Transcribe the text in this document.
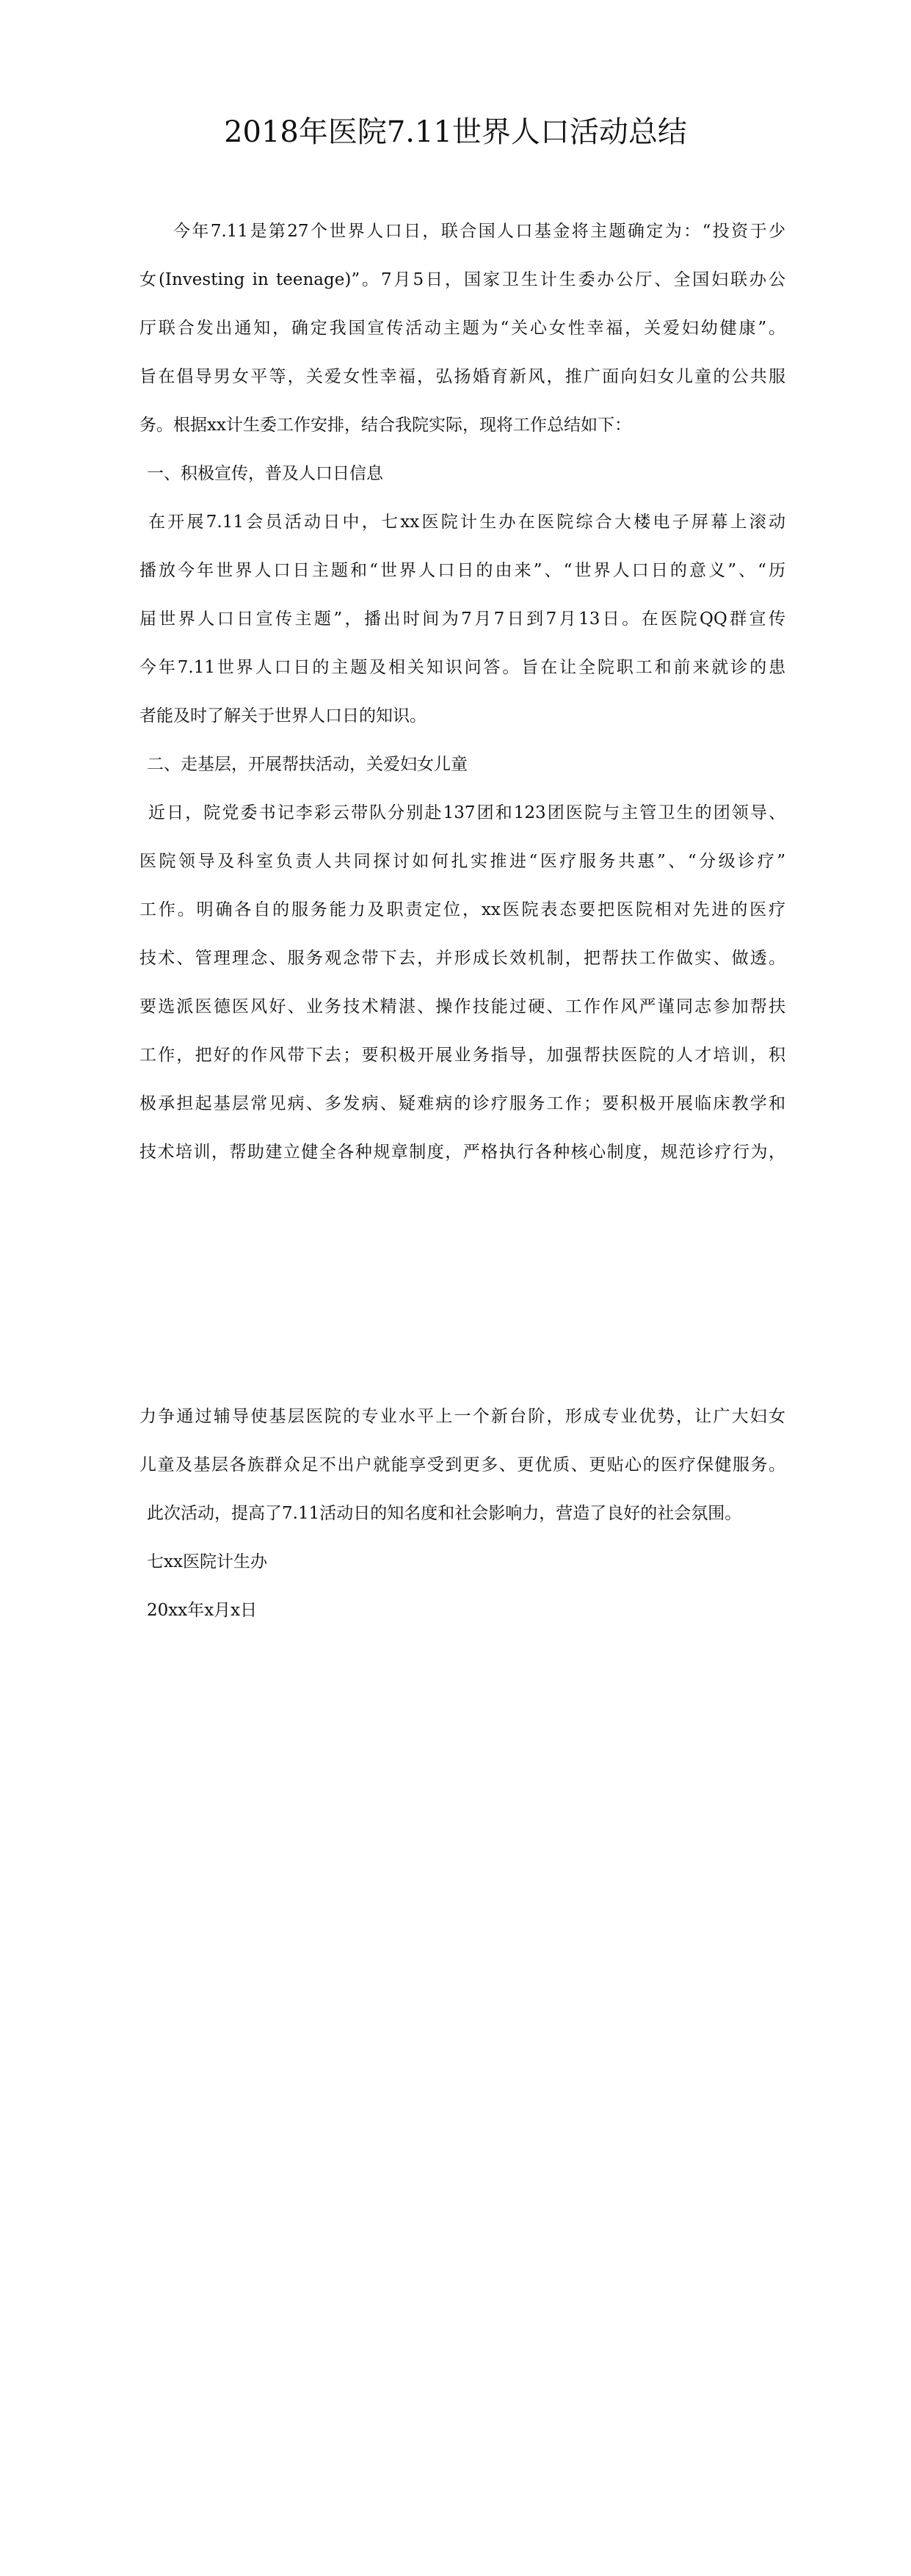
2018年医院7.11世界人口活动总结
今年7.11是第27个世界人口日，联合国人口基金将主题确定为：“投资于少
女(Investing in teenage)”。7月5日，国家卫生计生委办公厅、全国妇联办公
厅联合发出通知，确定我国宣传活动主题为“关心女性幸福，关爱妇幼健康”。
旨在倡导男女平等，关爱女性幸福，弘扬婚育新风，推广面向妇女儿童的公共服
务。根据xx计生委工作安排，结合我院实际，现将工作总结如下：
一、积极宣传，普及人口日信息
在开展7.11会员活动日中，七xx医院计生办在医院综合大楼电子屏幕上滚动
播放今年世界人口日主题和“世界人口日的由来”、“世界人口日的意义”、“历
届世界人口日宣传主题”，播出时间为7月7日到7月13日。在医院QQ群宣传
今年7.11世界人口日的主题及相关知识问答。旨在让全院职工和前来就诊的患
者能及时了解关于世界人口日的知识。
二、走基层，开展帮扶活动，关爱妇女儿童
近日，院党委书记李彩云带队分别赴137团和123团医院与主管卫生的团领导、
医院领导及科室负责人共同探讨如何扎实推进“医疗服务共惠”、“分级诊疗”
工作。明确各自的服务能力及职责定位，xx医院表态要把医院相对先进的医疗
技术、管理理念、服务观念带下去，并形成长效机制，把帮扶工作做实、做透。
要选派医德医风好、业务技术精湛、操作技能过硬、工作作风严谨同志参加帮扶
工作，把好的作风带下去；要积极开展业务指导，加强帮扶医院的人才培训，积
极承担起基层常见病、多发病、疑难病的诊疗服务工作；要积极开展临床教学和
技术培训，帮助建立健全各种规章制度，严格执行各种核心制度，规范诊疗行为，
力争通过辅导使基层医院的专业水平上一个新台阶，形成专业优势，让广大妇女
儿童及基层各族群众足不出户就能享受到更多、更优质、更贴心的医疗保健服务。
此次活动，提高了7.11活动日的知名度和社会影响力，营造了良好的社会氛围。
七xx医院计生办
20xx年x月x日
